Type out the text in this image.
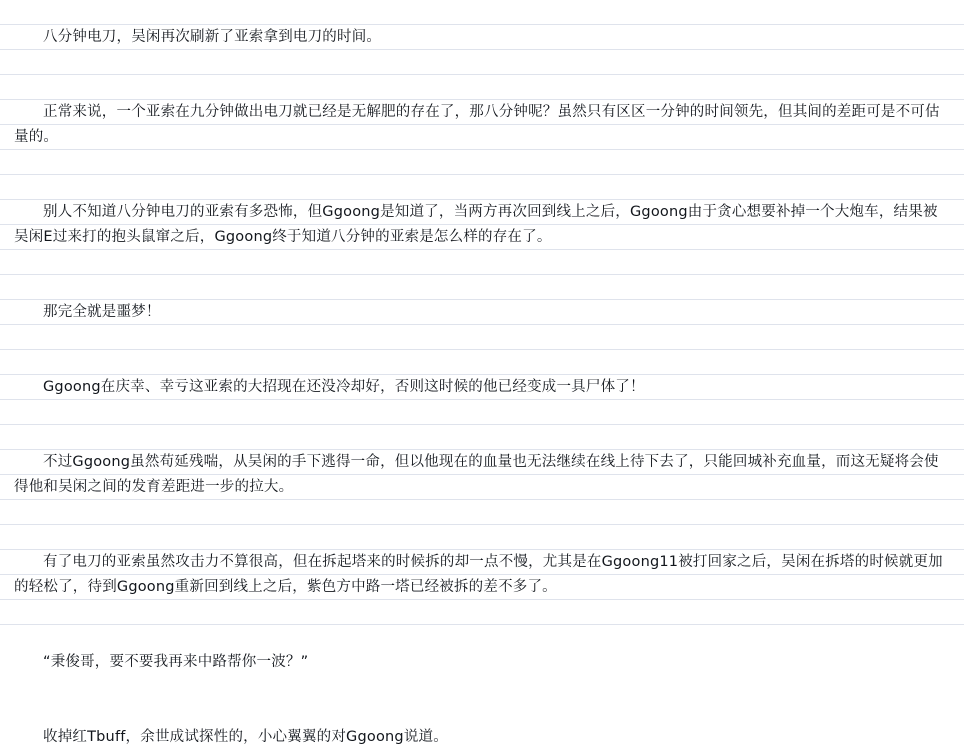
八分钟电刀，吴闲再次刷新了亚索拿到电刀的时间。

正常来说，一个亚索在九分钟做出电刀就已经是无解肥的存在了，那八分钟呢？虽然只有区区一分钟的时间领先，但其间的差距可是不可估量的。

别人不知道八分钟电刀的亚索有多恐怖，但Ggoong是知道了，当两方再次回到线上之后，Ggoong由于贪心想要补掉一个大炮车，结果被吴闲E过来打的抱头鼠窜之后，Ggoong终于知道八分钟的亚索是怎么样的存在了。

那完全就是噩梦！

Ggoong在庆幸、幸亏这亚索的大招现在还没冷却好，否则这时候的他已经变成一具尸体了！

不过Ggoong虽然苟延残喘，从吴闲的手下逃得一命，但以他现在的血量也无法继续在线上待下去了，只能回城补充血量，而这无疑将会使得他和吴闲之间的发育差距进一步的拉大。

有了电刀的亚索虽然攻击力不算很高，但在拆起塔来的时候拆的却一点不慢，尤其是在Ggoong11被打回家之后，吴闲在拆塔的时候就更加的轻松了，待到Ggoong重新回到线上之后，紫色方中路一塔已经被拆的差不多了。

“秉俊哥，要不要我再来中路帮你一波？”

收掉红Tbuff，余世成试探性的，小心翼翼的对Ggoong说道。
